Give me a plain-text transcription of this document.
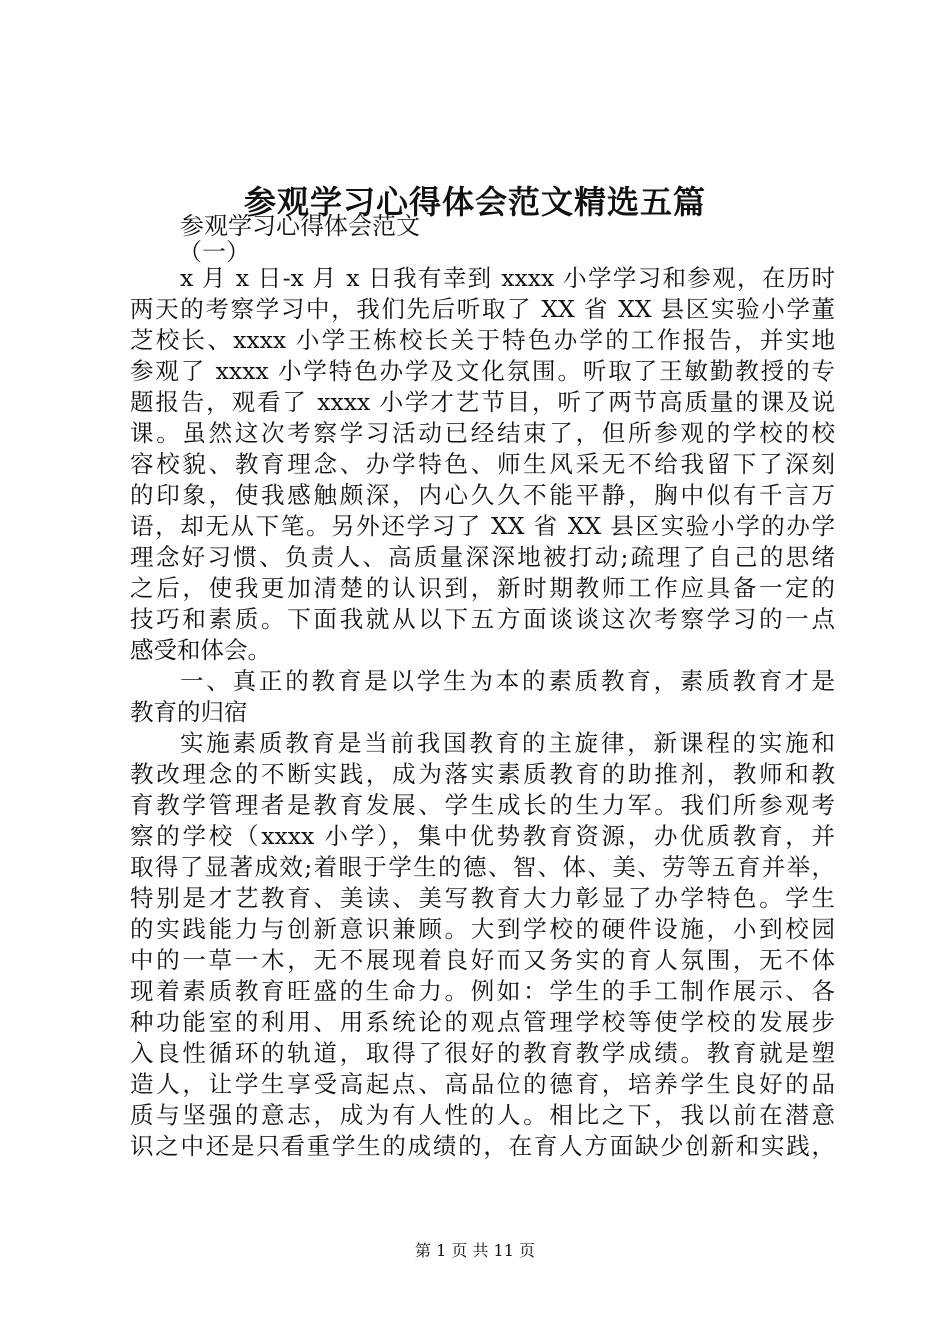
参观学习心得体会范文精选五篇

参观学习心得体会范文

（一）

x 月 x 日-x 月 x 日我有幸到 xxxx 小学学习和参观，在历时
两天的考察学习中，我们先后听取了 XX 省 XX 县区实验小学董
芝校长、xxxx 小学王栋校长关于特色办学的工作报告，并实地
参观了 xxxx 小学特色办学及文化氛围。听取了王敏勤教授的专
题报告，观看了 xxxx 小学才艺节目，听了两节高质量的课及说
课。虽然这次考察学习活动已经结束了，但所参观的学校的校
容校貌、教育理念、办学特色、师生风采无不给我留下了深刻
的印象，使我感触颇深，内心久久不能平静，胸中似有千言万
语，却无从下笔。另外还学习了 XX 省 XX 县区实验小学的办学
理念好习惯、负责人、高质量深深地被打动;疏理了自己的思绪
之后，使我更加清楚的认识到，新时期教师工作应具备一定的
技巧和素质。下面我就从以下五方面谈谈这次考察学习的一点
感受和体会。
一、真正的教育是以学生为本的素质教育，素质教育才是
教育的归宿
实施素质教育是当前我国教育的主旋律，新课程的实施和
教改理念的不断实践，成为落实素质教育的助推剂，教师和教
育教学管理者是教育发展、学生成长的生力军。我们所参观考
察的学校（xxxx 小学），集中优势教育资源，办优质教育，并
取得了显著成效;着眼于学生的德、智、体、美、劳等五育并举，
特别是才艺教育、美读、美写教育大力彰显了办学特色。学生
的实践能力与创新意识兼顾。大到学校的硬件设施，小到校园
中的一草一木，无不展现着良好而又务实的育人氛围，无不体
现着素质教育旺盛的生命力。例如：学生的手工制作展示、各
种功能室的利用、用系统论的观点管理学校等使学校的发展步
入良性循环的轨道，取得了很好的教育教学成绩。教育就是塑
造人，让学生享受高起点、高品位的德育，培养学生良好的品
质与坚强的意志，成为有人性的人。相比之下，我以前在潜意
识之中还是只看重学生的成绩的，在育人方面缺少创新和实践，

第 1 页 共 11 页
